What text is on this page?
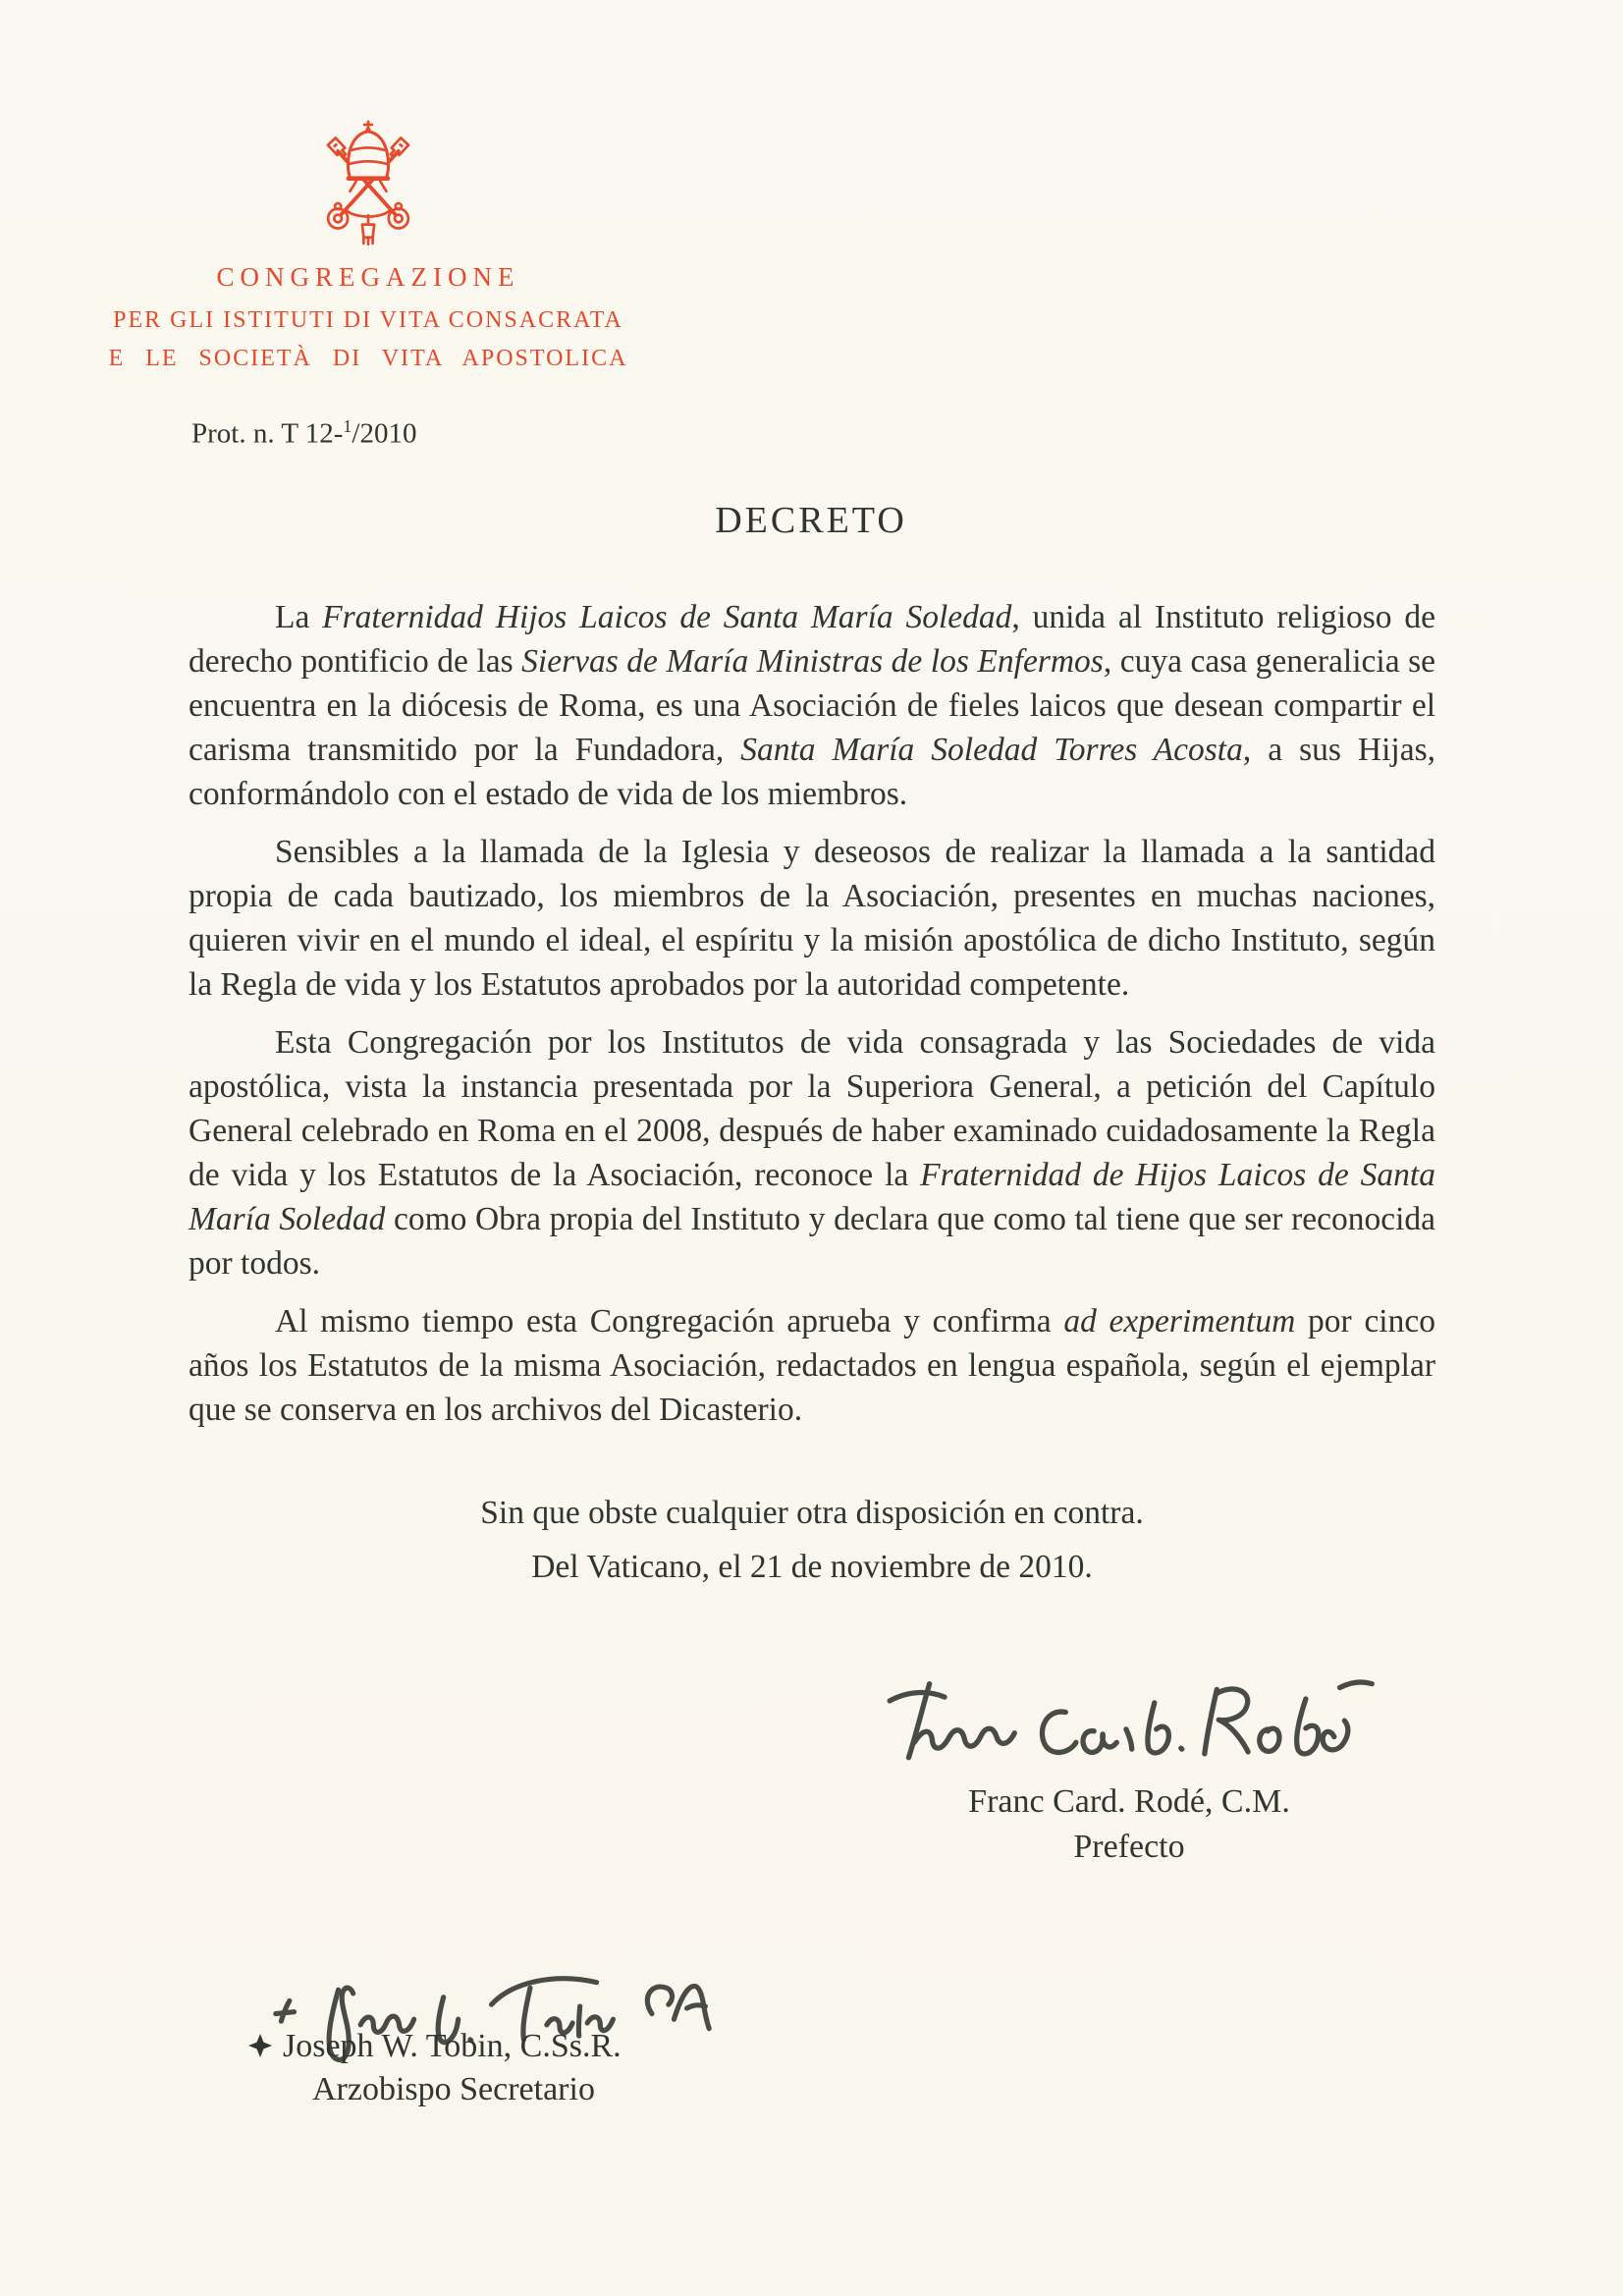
CONGREGAZIONE
PER GLI ISTITUTI DI VITA CONSACRATA
E LE SOCIETÀ DI VITA APOSTOLICA
Prot. n. T 12-$^1$/2010
DECRETO

La Fraternidad Hijos Laicos de Santa María Soledad, unida al Instituto religioso de derecho pontificio de las Siervas de María Ministras de los Enfermos, cuya casa generalicia se encuentra en la diócesis de Roma, es una Asociación de fieles laicos que desean compartir el carisma transmitido por la Fundadora, Santa María Soledad Torres Acosta, a sus Hijas, conformándolo con el estado de vida de los miembros.

Sensibles a la llamada de la Iglesia y deseosos de realizar la llamada a la santidad propia de cada bautizado, los miembros de la Asociación, presentes en muchas naciones, quieren vivir en el mundo el ideal, el espíritu y la misión apostólica de dicho Instituto, según la Regla de vida y los Estatutos aprobados por la autoridad competente.

Esta Congregación por los Institutos de vida consagrada y las Sociedades de vida apostólica, vista la instancia presentada por la Superiora General, a petición del Capítulo General celebrado en Roma en el 2008, después de haber examinado cuidadosamente la Regla de vida y los Estatutos de la Asociación, reconoce la Fraternidad de Hijos Laicos de Santa María Soledad como Obra propia del Instituto y declara que como tal tiene que ser reconocida por todos.

Al mismo tiempo esta Congregación aprueba y confirma ad experimentum por cinco años los Estatutos de la misma Asociación, redactados en lengua española, según el ejemplar que se conserva en los archivos del Dicasterio.

Sin que obste cualquier otra disposición en contra.

Del Vaticano, el 21 de noviembre de 2010.

Franc Card. Rodé, C.M.
Prefecto
Joseph W. Tobin, C.Ss.R.
Arzobispo Secretario
